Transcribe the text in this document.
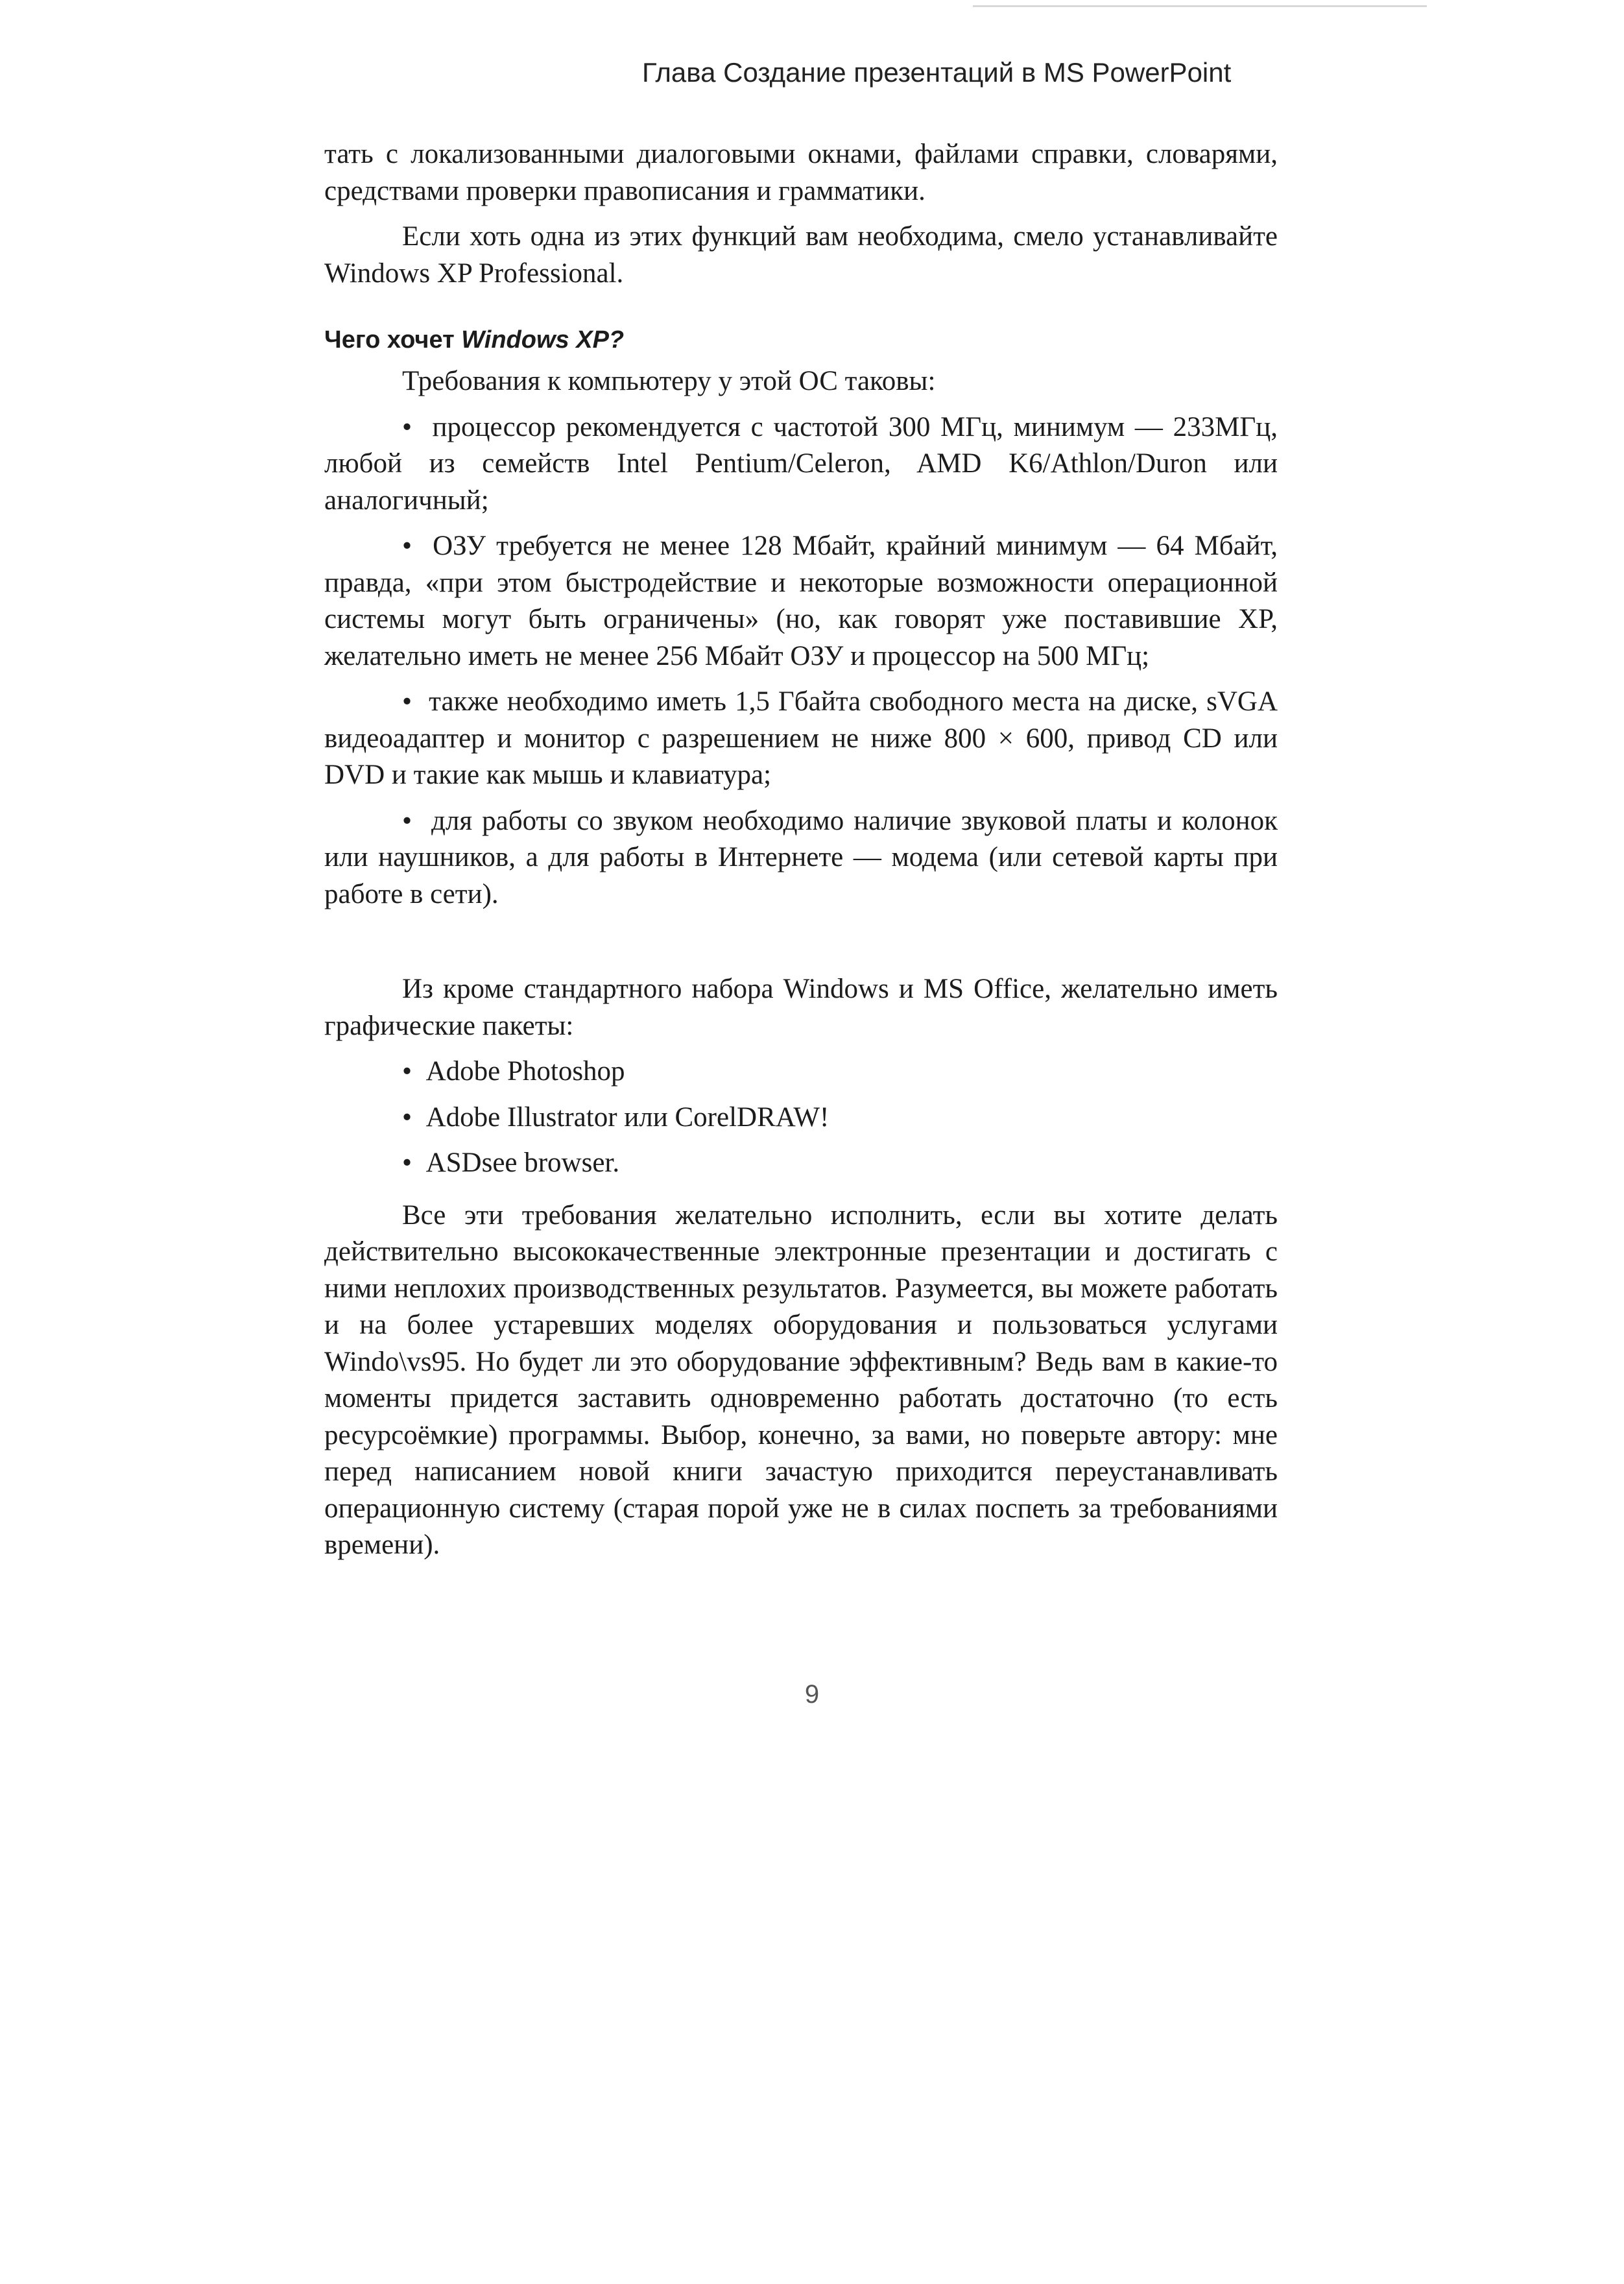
Глава Создание презентаций в MS PowerPoint

тать с локализованными диалоговыми окнами, файлами справки, словарями, средствами проверки правописания и грамматики.

Если хоть одна из этих функций вам необходима, смело устанавливайте Windows XP Professional.

Чего хочет Windows XP?

Требования к компьютеру у этой ОС таковы:

•  процессор рекомендуется с частотой 300 МГц, минимум — 233МГц, любой из семейств Intel Pentium/Celeron, AMD K6/Athlon/Duron или аналогичный;
•  ОЗУ требуется не менее 128 Мбайт, крайний минимум — 64 Мбайт, правда, «при этом быстродействие и некоторые возможности операционной системы могут быть ограничены» (но, как говорят уже поставившие XP, желательно иметь не менее 256 Мбайт ОЗУ и процессор на 500 МГц;
•  также необходимо иметь 1,5 Гбайта свободного места на диске, sVGA видеоадаптер и монитор с разрешением не ниже 800 × 600, привод CD или DVD и такие как мышь и клавиатура;
•  для работы со звуком необходимо наличие звуковой платы и колонок или наушников, а для работы в Интернете — модема (или сетевой карты при работе в сети).

Из кроме стандартного набора Windows и MS Office, желательно иметь графические пакеты:

•  Adobe Photoshop
•  Adobe Illustrator или CorelDRAW!
•  ASDsee browser.

Все эти требования желательно исполнить, если вы хотите делать действительно высококачественные электронные презентации и достигать с ними неплохих производственных результатов. Разумеется, вы можете работать и на более устаревших моделях оборудования и пользоваться услугами Windo\vs95. Но будет ли это оборудование эффективным? Ведь вам в какие-то моменты придется заставить одновременно работать достаточно (то есть ресурсоёмкие) программы. Выбор, конечно, за вами, но поверьте автору: мне перед написанием новой книги зачастую приходится переустанавливать операционную систему (старая порой уже не в силах поспеть за требованиями времени).

9
